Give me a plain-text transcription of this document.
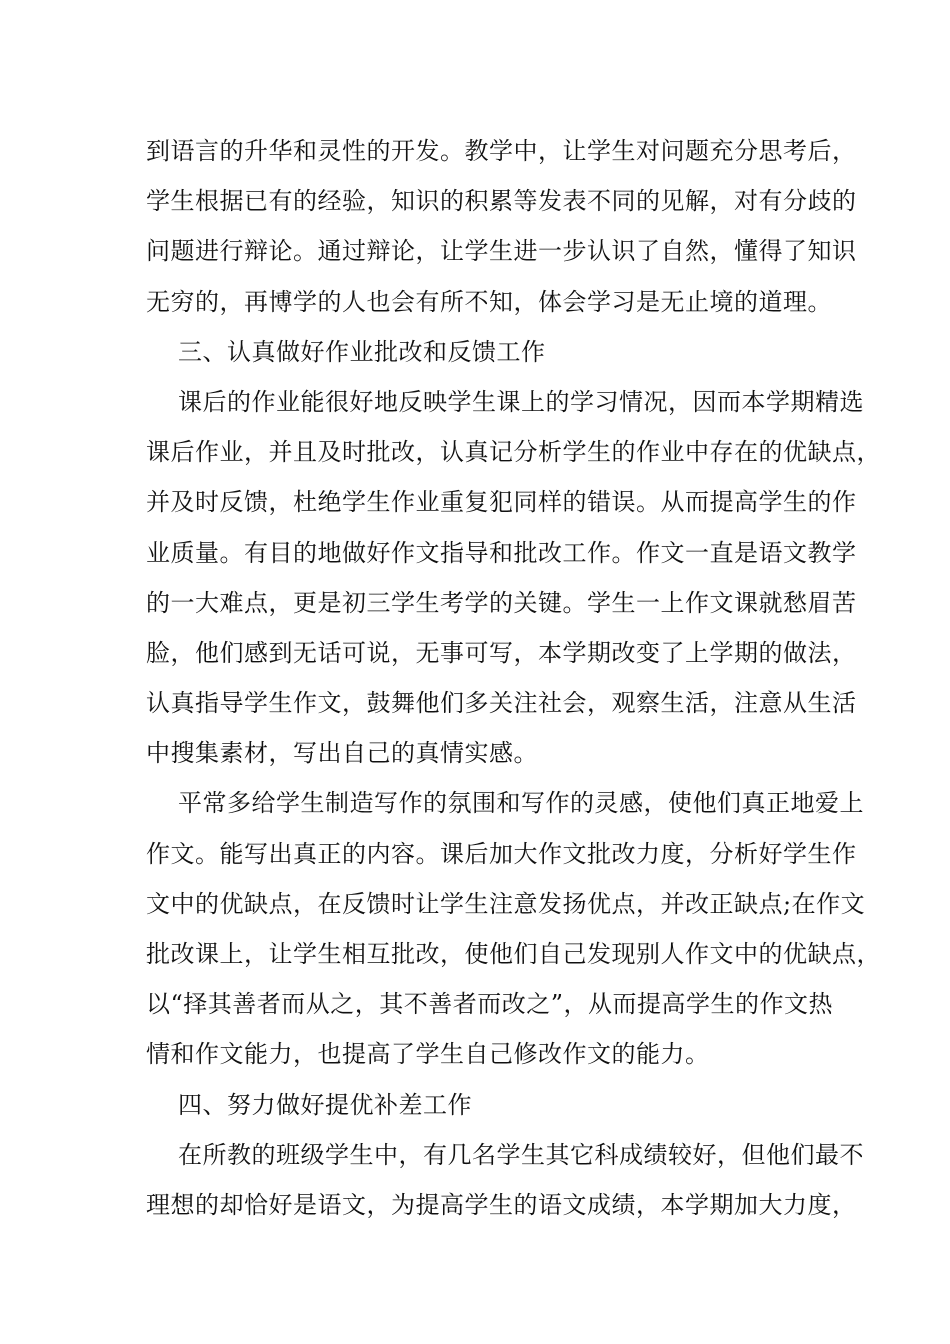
到语言的升华和灵性的开发。教学中，让学生对问题充分思考后，
学生根据已有的经验，知识的积累等发表不同的见解，对有分歧的
问题进行辩论。通过辩论，让学生进一步认识了自然，懂得了知识
无穷的，再博学的人也会有所不知，体会学习是无止境的道理。
三、认真做好作业批改和反馈工作
课后的作业能很好地反映学生课上的学习情况，因而本学期精选
课后作业，并且及时批改，认真记分析学生的作业中存在的优缺点，
并及时反馈，杜绝学生作业重复犯同样的错误。从而提高学生的作
业质量。有目的地做好作文指导和批改工作。作文一直是语文教学
的一大难点，更是初三学生考学的关键。学生一上作文课就愁眉苦
脸，他们感到无话可说，无事可写，本学期改变了上学期的做法，
认真指导学生作文，鼓舞他们多关注社会，观察生活，注意从生活
中搜集素材，写出自己的真情实感。
平常多给学生制造写作的氛围和写作的灵感，使他们真正地爱上
作文。能写出真正的内容。课后加大作文批改力度，分析好学生作
文中的优缺点，在反馈时让学生注意发扬优点，并改正缺点;在作文
批改课上，让学生相互批改，使他们自己发现别人作文中的优缺点，
以“择其善者而从之，其不善者而改之”，从而提高学生的作文热
情和作文能力，也提高了学生自己修改作文的能力。
四、努力做好提优补差工作
在所教的班级学生中，有几名学生其它科成绩较好，但他们最不
理想的却恰好是语文，为提高学生的语文成绩，本学期加大力度，
